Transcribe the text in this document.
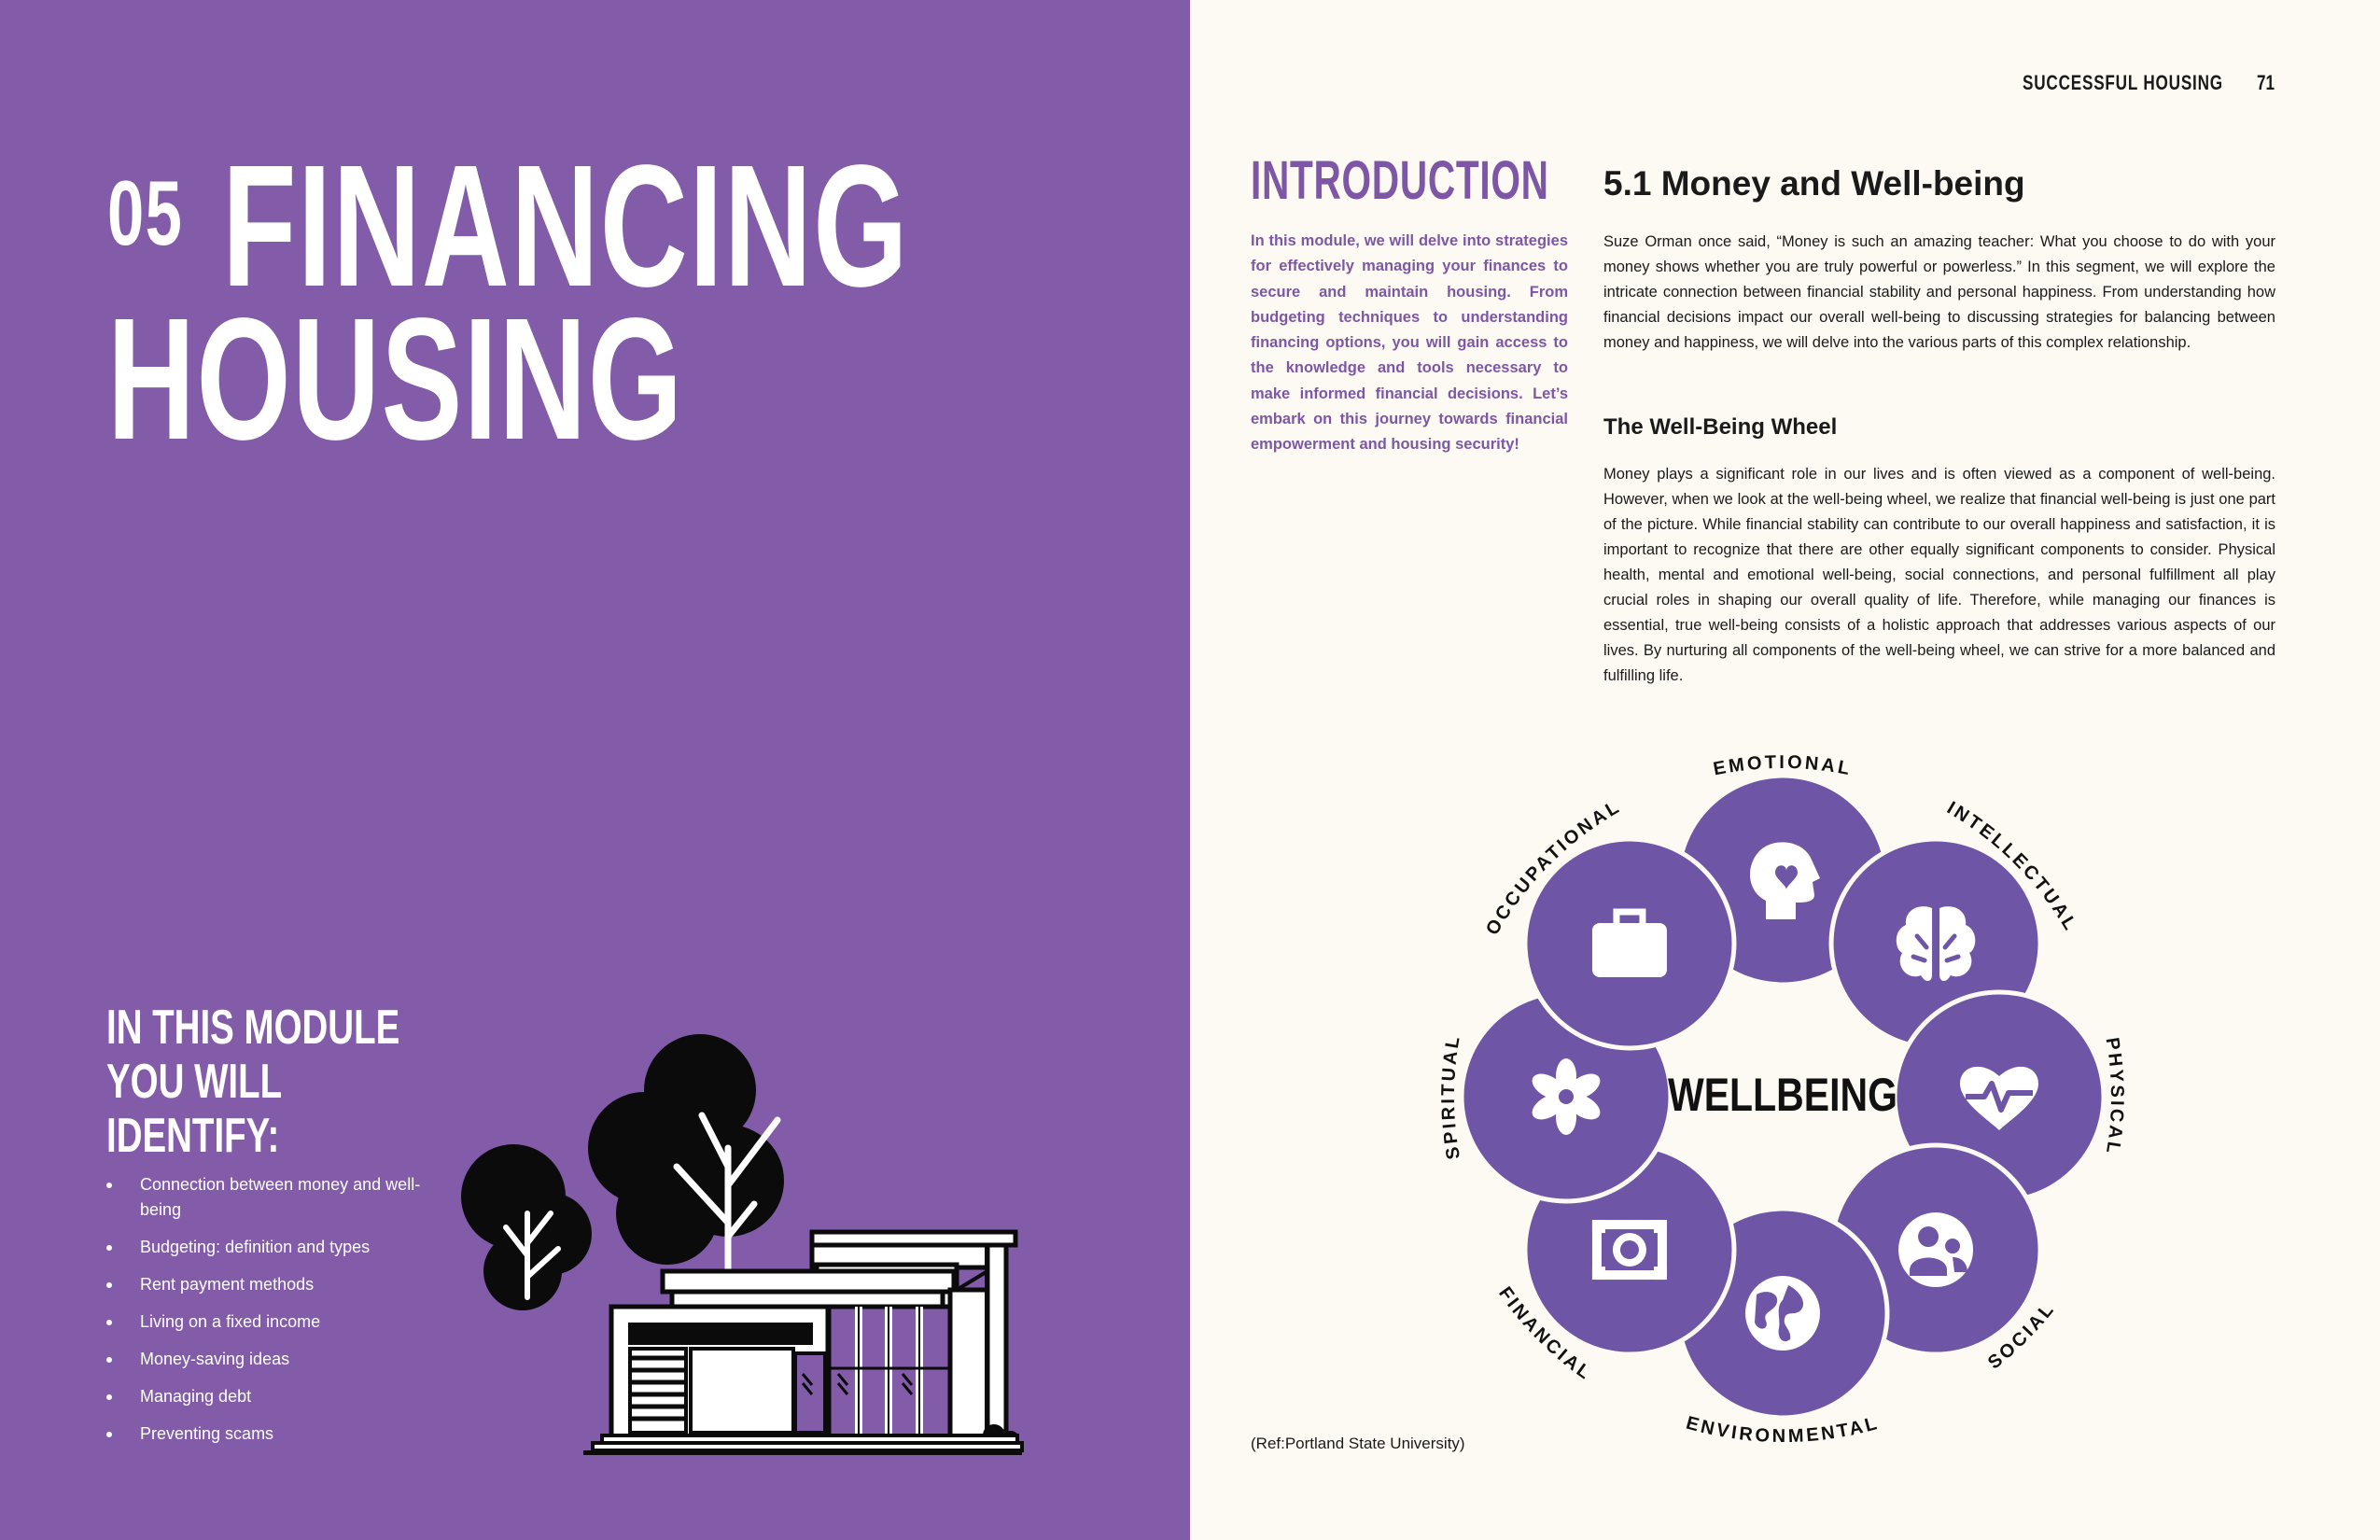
05 FINANCING
HOUSING
IN THIS MODULE
YOU WILL
IDENTIFY:
Connection between money and well-being
Budgeting: definition and types
Rent payment methods
Living on a fixed income
Money-saving ideas
Managing debt
Preventing scams
SUCCESSFUL HOUSING 71
INTRODUCTION

In this module, we will delve into strategies for effectively managing your finances to secure and maintain housing. From budgeting techniques to understanding financing options, you will gain access to the knowledge and tools necessary to make informed financial decisions. Let’s embark on this journey towards financial empowerment and housing security!

5.1 Money and Well-being

Suze Orman once said, “Money is such an amazing teacher: What you choose to do with your money shows whether you are truly powerful or powerless.” In this segment, we will explore the intricate connection between financial stability and personal happiness. From understanding how financial decisions impact our overall well-being to discussing strategies for balancing between money and happiness, we will delve into the various parts of this complex relationship.

The Well-Being Wheel

Money plays a significant role in our lives and is often viewed as a component of well-being. However, when we look at the well-being wheel, we realize that financial well-being is just one part of the picture. While financial stability can contribute to our overall happiness and satisfaction, it is important to recognize that there are other equally significant components to consider. Physical health, mental and emotional well-being, social connections, and personal fulfillment all play crucial roles in shaping our overall quality of life. Therefore, while managing our finances is essential, true well-being consists of a holistic approach that addresses various aspects of our lives. By nurturing all components of the well-being wheel, we can strive for a more balanced and fulfilling life.

EMOTIONAL
INTELLECTUAL
PHYSICAL
SOCIAL
ENVIRONMENTAL
FINANCIAL
SPIRITUAL
OCCUPATIONAL
WELLBEING
(Ref:Portland State University)
